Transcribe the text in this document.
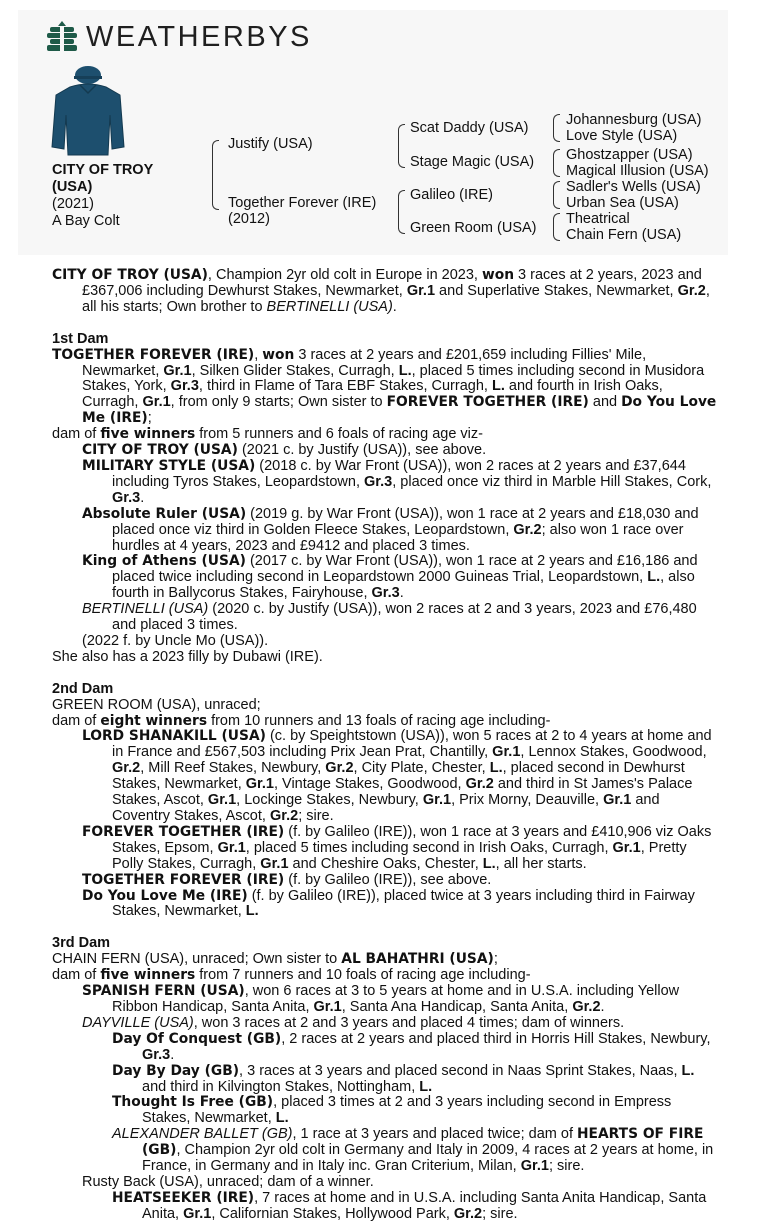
WEATHERBYS
CITY OF TROY
(USA)
(2021)
A Bay Colt
Justify (USA)
Together Forever (IRE)
(2012)
Scat Daddy (USA)
Stage Magic (USA)
Galileo (IRE)
Green Room (USA)
Johannesburg (USA)
Love Style (USA)
Ghostzapper (USA)
Magical Illusion (USA)
Sadler's Wells (USA)
Urban Sea (USA)
Theatrical
Chain Fern (USA)

CITY OF TROY (USA), Champion 2yr old colt in Europe in 2023, won 3 races at 2 years, 2023 and £367,006 including Dewhurst Stakes, Newmarket, Gr.1 and Superlative Stakes, Newmarket, Gr.2, all his starts; Own brother to BERTINELLI (USA).

1st Dam

TOGETHER FOREVER (IRE), won 3 races at 2 years and £201,659 including Fillies' Mile, Newmarket, Gr.1, Silken Glider Stakes, Curragh, L., placed 5 times including second in Musidora Stakes, York, Gr.3, third in Flame of Tara EBF Stakes, Curragh, L. and fourth in Irish Oaks, Curragh, Gr.1, from only 9 starts; Own sister to FOREVER TOGETHER (IRE) and Do You Love Me (IRE);

dam of five winners from 5 runners and 6 foals of racing age viz-

CITY OF TROY (USA) (2021 c. by Justify (USA)), see above.

MILITARY STYLE (USA) (2018 c. by War Front (USA)), won 2 races at 2 years and £37,644 including Tyros Stakes, Leopardstown, Gr.3, placed once viz third in Marble Hill Stakes, Cork, Gr.3.

Absolute Ruler (USA) (2019 g. by War Front (USA)), won 1 race at 2 years and £18,030 and placed once viz third in Golden Fleece Stakes, Leopardstown, Gr.2; also won 1 race over hurdles at 4 years, 2023 and £9412 and placed 3 times.

King of Athens (USA) (2017 c. by War Front (USA)), won 1 race at 2 years and £16,186 and placed twice including second in Leopardstown 2000 Guineas Trial, Leopardstown, L., also fourth in Ballycorus Stakes, Fairyhouse, Gr.3.

BERTINELLI (USA) (2020 c. by Justify (USA)), won 2 races at 2 and 3 years, 2023 and £76,480 and placed 3 times.

(2022 f. by Uncle Mo (USA)).

She also has a 2023 filly by Dubawi (IRE).

2nd Dam

GREEN ROOM (USA), unraced;

dam of eight winners from 10 runners and 13 foals of racing age including-

LORD SHANAKILL (USA) (c. by Speightstown (USA)), won 5 races at 2 to 4 years at home and in France and £567,503 including Prix Jean Prat, Chantilly, Gr.1, Lennox Stakes, Goodwood, Gr.2, Mill Reef Stakes, Newbury, Gr.2, City Plate, Chester, L., placed second in Dewhurst Stakes, Newmarket, Gr.1, Vintage Stakes, Goodwood, Gr.2 and third in St James's Palace Stakes, Ascot, Gr.1, Lockinge Stakes, Newbury, Gr.1, Prix Morny, Deauville, Gr.1 and Coventry Stakes, Ascot, Gr.2; sire.

FOREVER TOGETHER (IRE) (f. by Galileo (IRE)), won 1 race at 3 years and £410,906 viz Oaks Stakes, Epsom, Gr.1, placed 5 times including second in Irish Oaks, Curragh, Gr.1, Pretty Polly Stakes, Curragh, Gr.1 and Cheshire Oaks, Chester, L., all her starts.

TOGETHER FOREVER (IRE) (f. by Galileo (IRE)), see above.

Do You Love Me (IRE) (f. by Galileo (IRE)), placed twice at 3 years including third in Fairway Stakes, Newmarket, L.

3rd Dam

CHAIN FERN (USA), unraced; Own sister to AL BAHATHRI (USA);

dam of five winners from 7 runners and 10 foals of racing age including-

SPANISH FERN (USA), won 6 races at 3 to 5 years at home and in U.S.A. including Yellow Ribbon Handicap, Santa Anita, Gr.1, Santa Ana Handicap, Santa Anita, Gr.2.

DAYVILLE (USA), won 3 races at 2 and 3 years and placed 4 times; dam of winners.

Day Of Conquest (GB), 2 races at 2 years and placed third in Horris Hill Stakes, Newbury, Gr.3.

Day By Day (GB), 3 races at 3 years and placed second in Naas Sprint Stakes, Naas, L. and third in Kilvington Stakes, Nottingham, L.

Thought Is Free (GB), placed 3 times at 2 and 3 years including second in Empress Stakes, Newmarket, L.

ALEXANDER BALLET (GB), 1 race at 3 years and placed twice; dam of HEARTS OF FIRE (GB), Champion 2yr old colt in Germany and Italy in 2009, 4 races at 2 years at home, in France, in Germany and in Italy inc. Gran Criterium, Milan, Gr.1; sire.

Rusty Back (USA), unraced; dam of a winner.

HEATSEEKER (IRE), 7 races at home and in U.S.A. including Santa Anita Handicap, Santa Anita, Gr.1, Californian Stakes, Hollywood Park, Gr.2; sire.
